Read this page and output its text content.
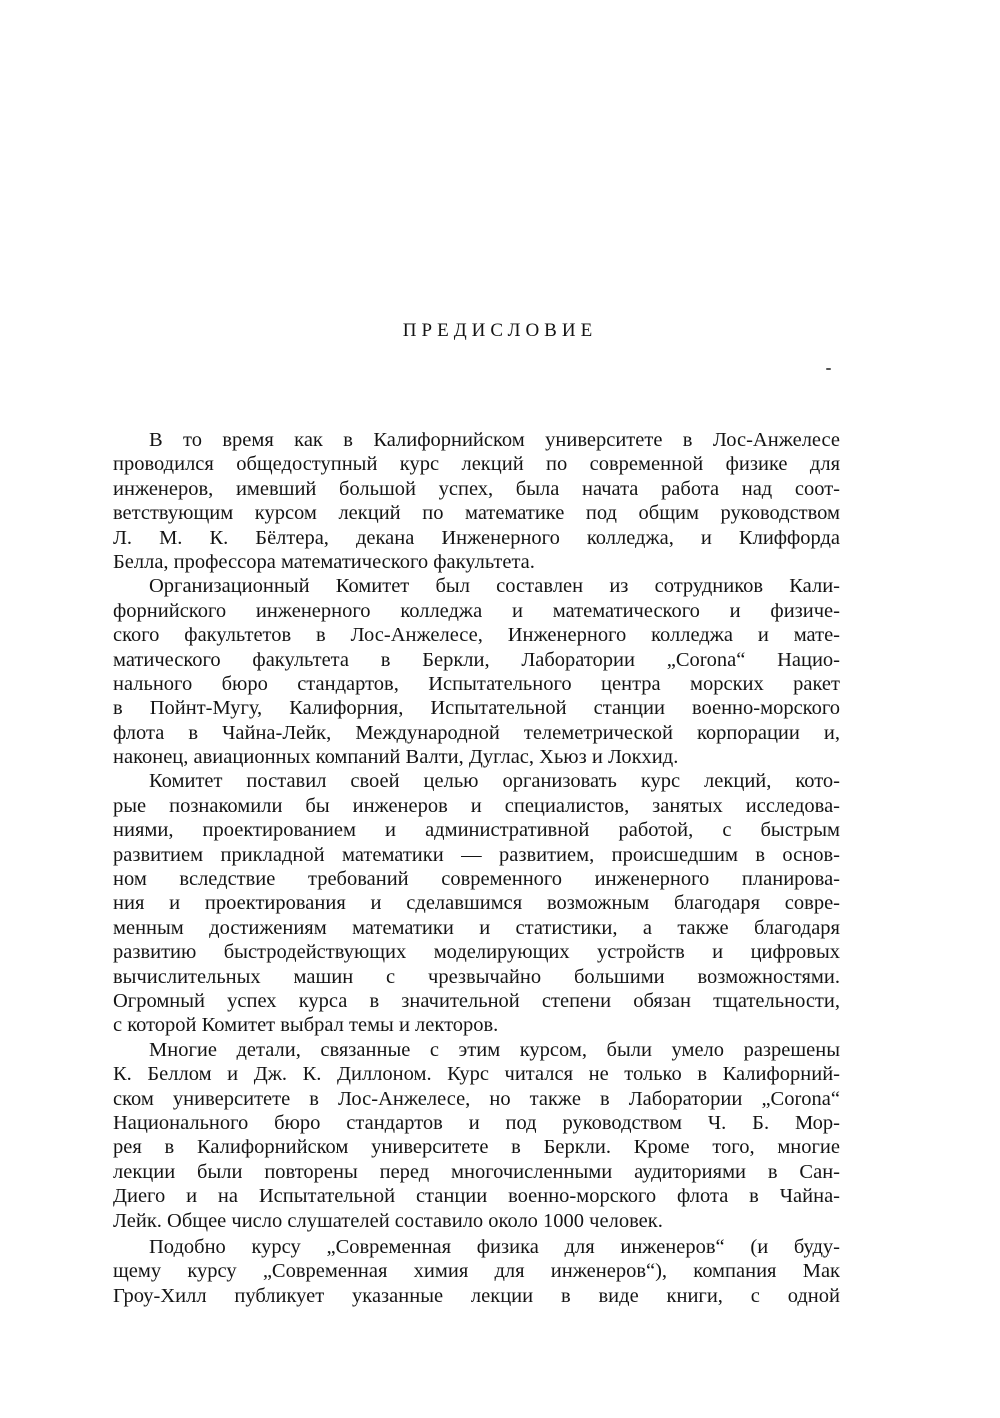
ПРЕДИСЛОВИЕ
В то время как в Калифорнийском университете в Лос-Анжелесе
проводился общедоступный курс лекций по современной физике для
инженеров, имевший большой успех, была начата работа над соот-
ветствующим курсом лекций по математике под общим руководством
Л. М. К. Бёлтера, декана Инженерного колледжа, и Клиффорда
Белла, профессора математического факультета.
Организационный Комитет был составлен из сотрудников Кали-
форнийского инженерного колледжа и математического и физиче-
ского факультетов в Лос-Анжелесе, Инженерного колледжа и мате-
матического факультета в Беркли, Лаборатории „Corona“ Нацио-
нального бюро стандартов, Испытательного центра морских ракет
в Пойнт-Мугу, Калифорния, Испытательной станции военно-морского
флота в Чайна-Лейк, Международной телеметрической корпорации и,
наконец, авиационных компаний Валти, Дуглас, Хьюз и Локхид.
Комитет поставил своей целью организовать курс лекций, кото-
рые познакомили бы инженеров и специалистов, занятых исследова-
ниями, проектированием и административной работой, с быстрым
развитием прикладной математики — развитием, происшедшим в основ-
ном вследствие требований современного инженерного планирова-
ния и проектирования и сделавшимся возможным благодаря совре-
менным достижениям математики и статистики, а также благодаря
развитию быстродействующих моделирующих устройств и цифровых
вычислительных машин с чрезвычайно большими возможностями.
Огромный успех курса в значительной степени обязан тщательности,
с которой Комитет выбрал темы и лекторов.
Многие детали, связанные с этим курсом, были умело разрешены
К. Беллом и Дж. К. Диллоном. Курс читался не только в Калифорний-
ском университете в Лос-Анжелесе, но также в Лаборатории „Corona“
Национального бюро стандартов и под руководством Ч. Б. Мор-
рея в Калифорнийском университете в Беркли. Кроме того, многие
лекции были повторены перед многочисленными аудиториями в Сан-
Диего и на Испытательной станции военно-морского флота в Чайна-
Лейк. Общее число слушателей составило около 1000 человек.
Подобно курсу „Современная физика для инженеров“ (и буду-
щему курсу „Современная химия для инженеров“), компания Мак
Гроу-Хилл публикует указанные лекции в виде книги, с одной
